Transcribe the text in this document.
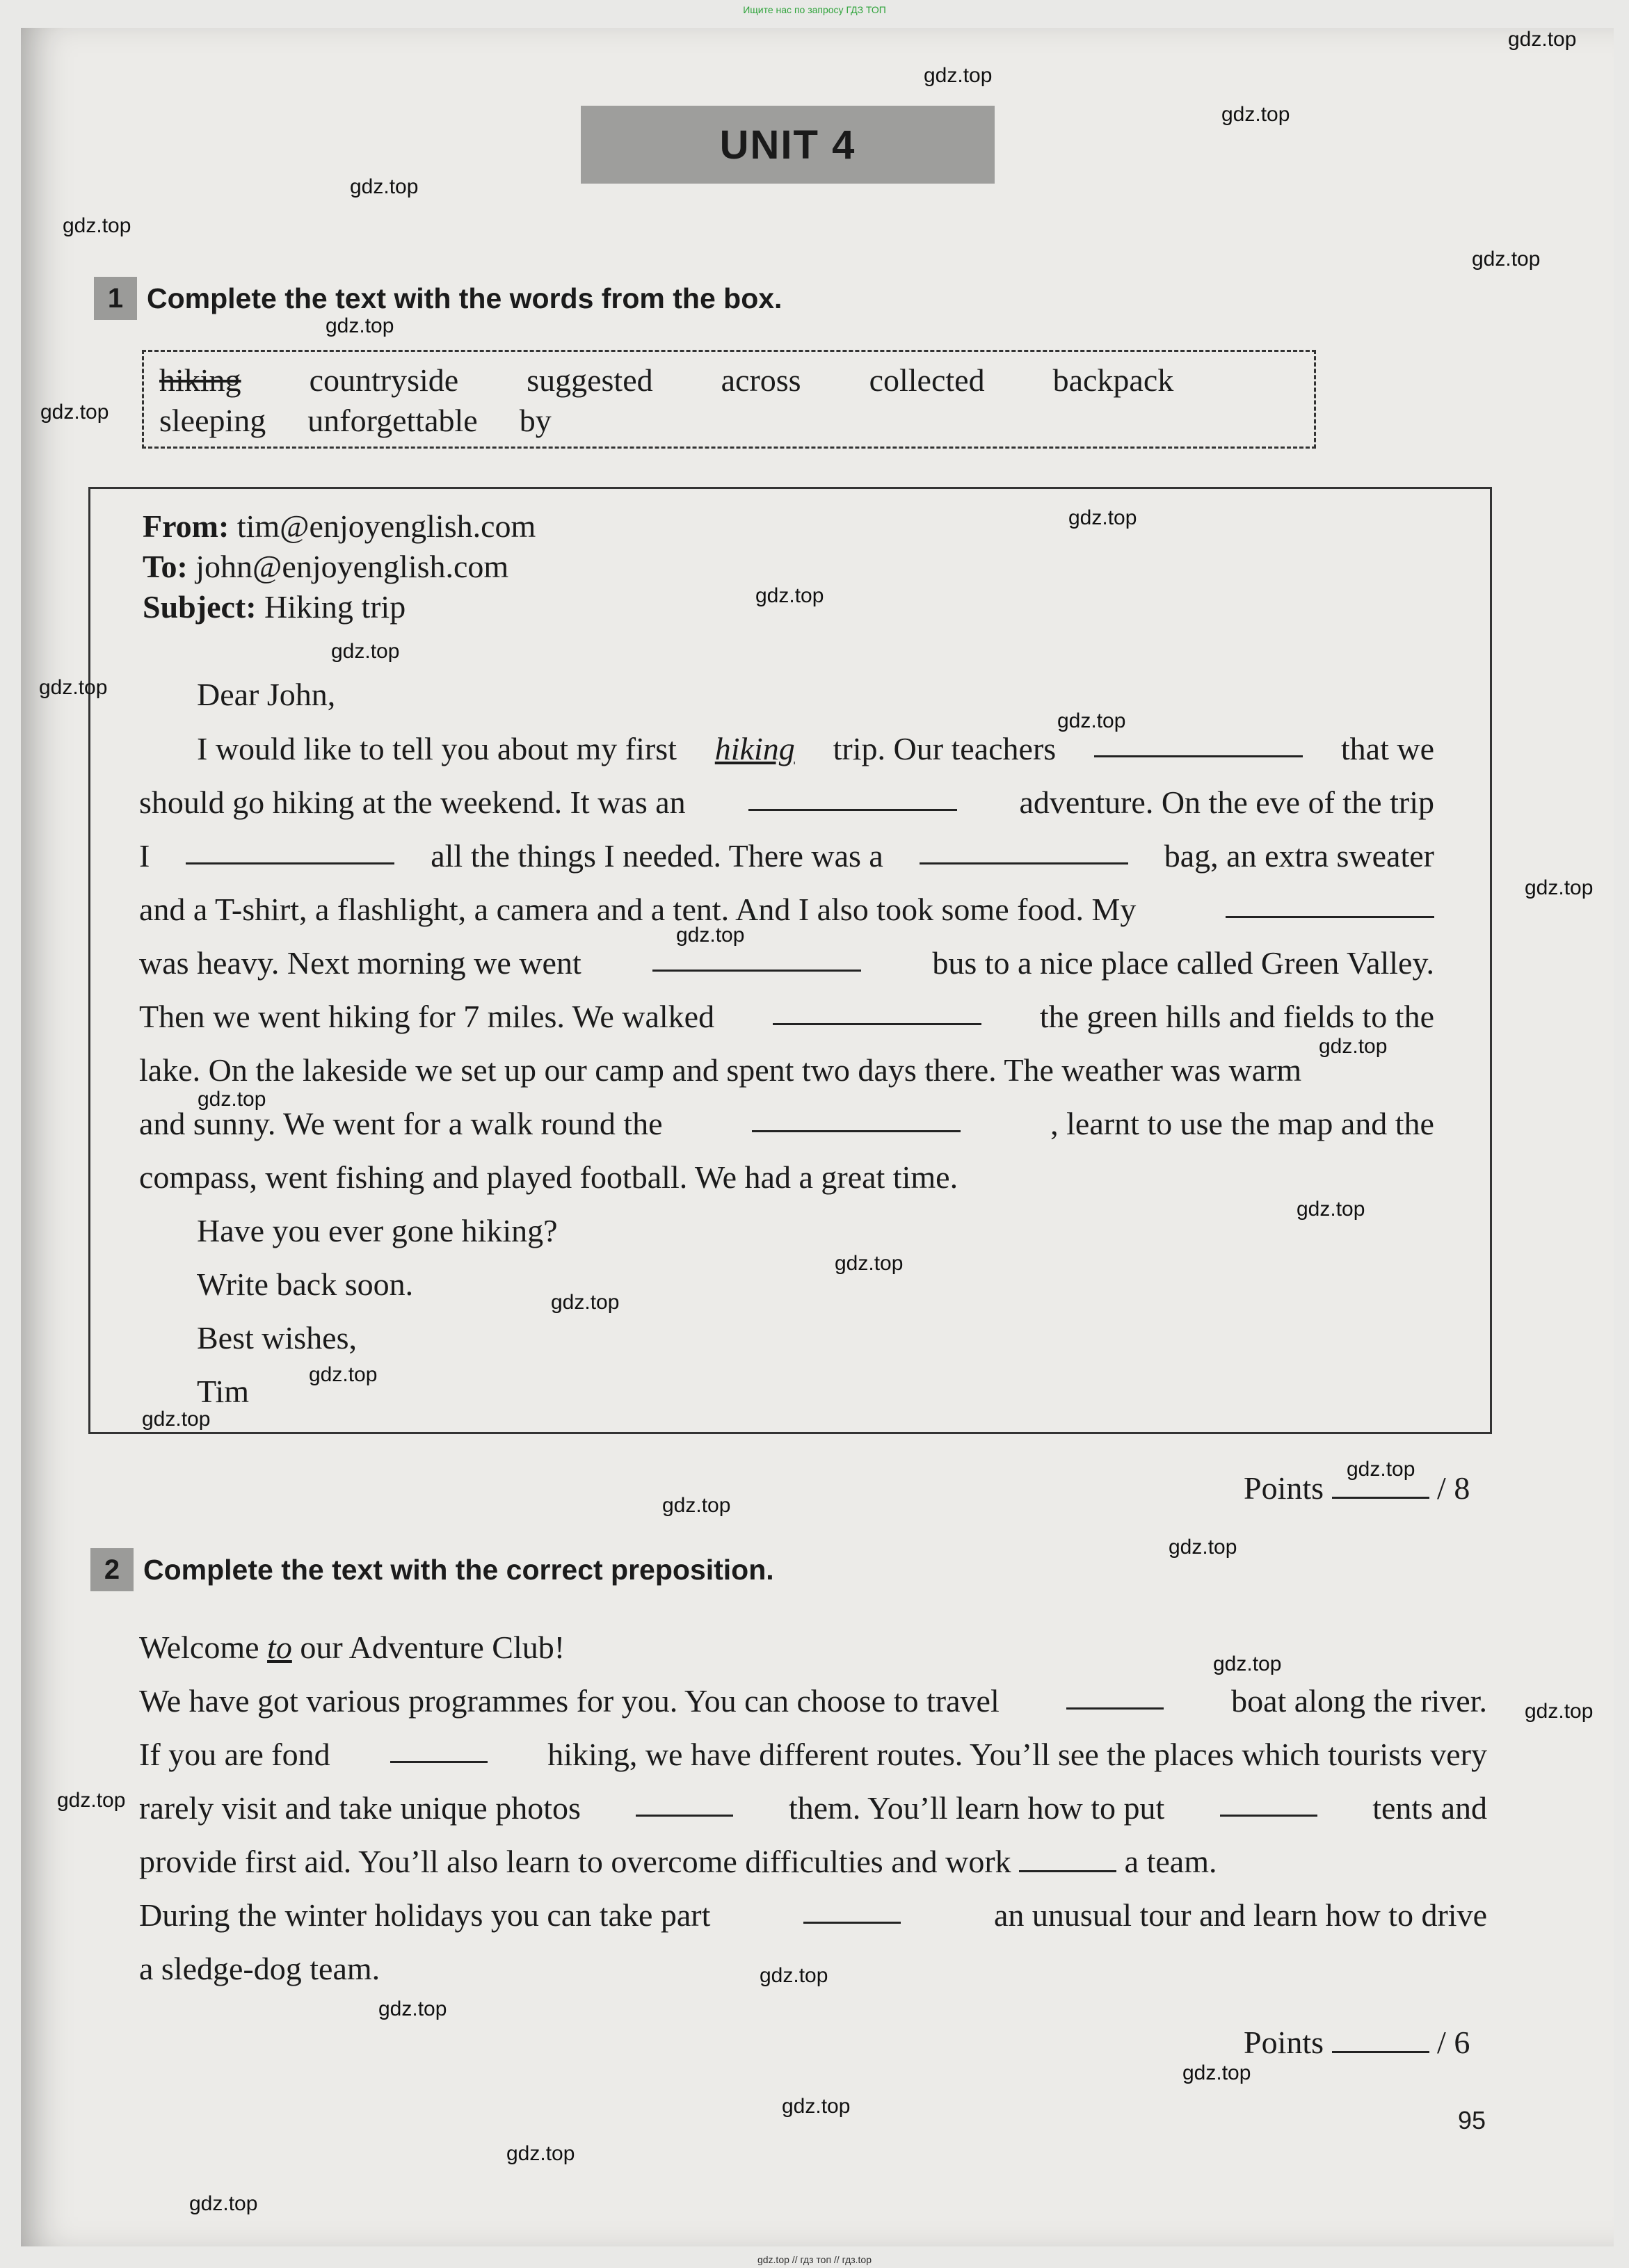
Ищите нас по запросу ГДЗ ТОП
UNIT 4
1 Complete the text with the words from the box.
hiking countryside suggested across collected backpack
sleeping unforgettable by
From: tim@enjoyenglish.com
To: john@enjoyenglish.com
Subject: Hiking trip
Dear John,
I would like to tell you about my first hiking trip. Our teachers	that we
should go hiking at the weekend. It was an	adventure. On the eve of the trip
I	all the things I needed. There was a	bag, an extra sweater
and a T-shirt, a flashlight, a camera and a tent. And I also took some food. My
was heavy. Next morning we went	bus to a nice place called Green Valley.
Then we went hiking for 7 miles. We walked	the green hills and fields to the
lake. On the lakeside we set up our camp and spent two days there. The weather was warm
and sunny. We went for a walk round the	, learnt to use the map and the
compass, went fishing and played football. We had a great time.
Have you ever gone hiking?
Write back soon.
Best wishes,
Tim
Points	/ 8
2 Complete the text with the correct preposition.
Welcome to our Adventure Club!
We have got various programmes for you. You can choose to travel	boat along the river.
If you are fond	hiking, we have different routes. You’ll see the places which tourists very
rarely visit and take unique photos	them. You’ll learn how to put	tents and
provide first aid. You’ll also learn to overcome difficulties and work	a team.
During the winter holidays you can take part	an unusual tour and learn how to drive
a sledge-dog team.
Points	/ 6
95
gdz.top
gdz.top
gdz.top
gdz.top
gdz.top
gdz.top
gdz.top
gdz.top
gdz.top
gdz.top
gdz.top
gdz.top
gdz.top
gdz.top
gdz.top
gdz.top
gdz.top
gdz.top
gdz.top
gdz.top
gdz.top
gdz.top
gdz.top
gdz.top
gdz.top
gdz.top
gdz.top
gdz.top
gdz.top
gdz.top
gdz.top
gdz.top
gdz.top
gdz.top
gdz.top // гдз топ // гдз.top
